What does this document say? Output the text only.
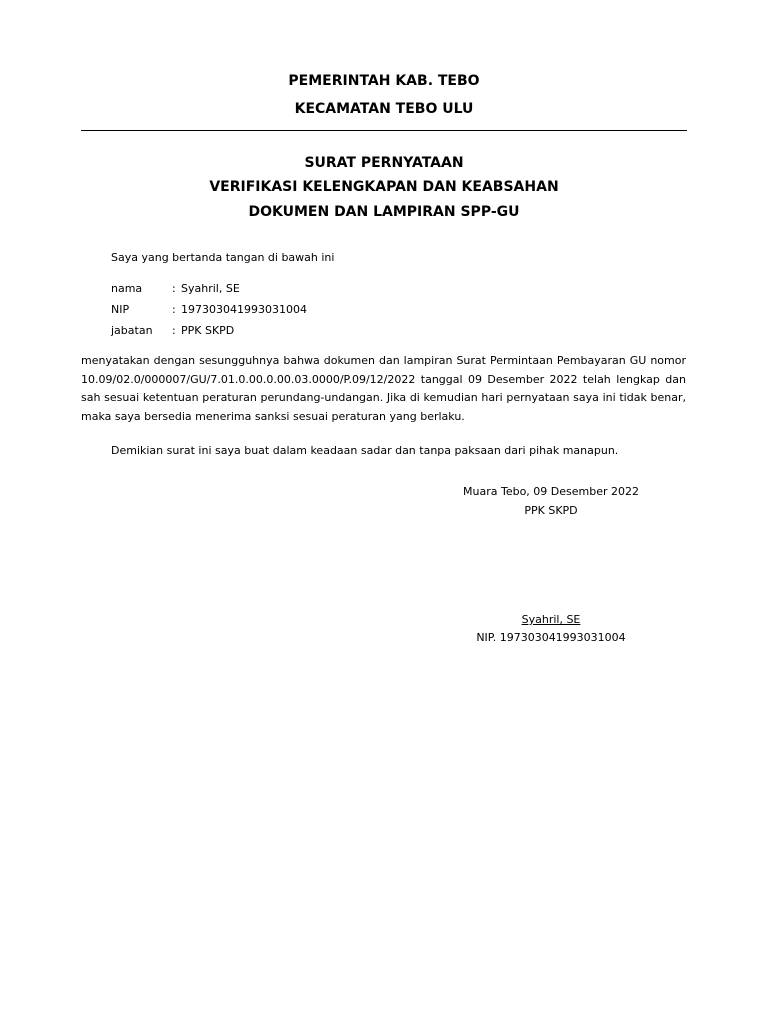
PEMERINTAH KAB. TEBO
KECAMATAN TEBO ULU
SURAT PERNYATAAN
VERIFIKASI KELENGKAPAN DAN KEABSAHAN
DOKUMEN DAN LAMPIRAN SPP-GU
Saya yang bertanda tangan di bawah ini
nama	: Syahril, SE
NIP	: 197303041993031004
jabatan : PPK SKPD
menyatakan dengan sesungguhnya bahwa dokumen dan lampiran Surat Permintaan Pembayaran GU nomor 10.09/02.0/000007/GU/7.01.0.00.0.00.03.0000/P.09/12/2022 tanggal 09 Desember 2022 telah lengkap dan sah sesuai ketentuan peraturan perundang-undangan. Jika di kemudian hari pernyataan saya ini tidak benar, maka saya bersedia menerima sanksi sesuai peraturan yang berlaku.
Demikian surat ini saya buat dalam keadaan sadar dan tanpa paksaan dari pihak manapun.
Muara Tebo, 09 Desember 2022
PPK SKPD
Syahril, SE
NIP. 197303041993031004
